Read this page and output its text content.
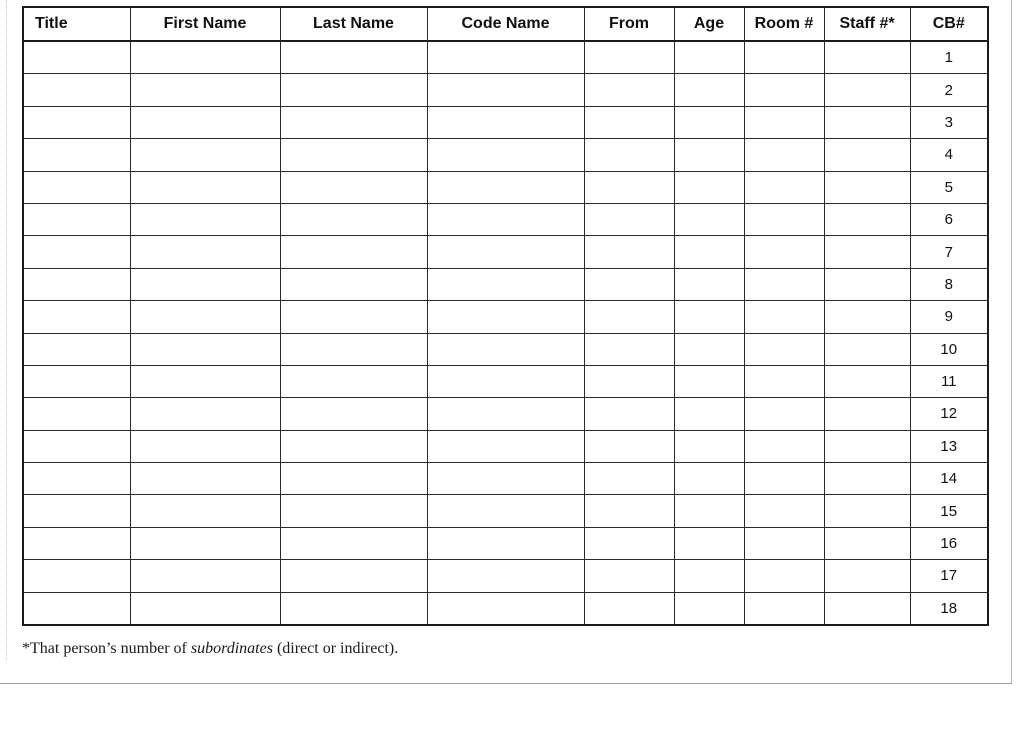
Title	First Name	Last Name	Code Name	From	Age	Room #	Staff #*	CB#
								1
								2
								3
								4
								5
								6
								7
								8
								9
								10
								11
								12
								13
								14
								15
								16
								17
								18
*That person’s number of subordinates (direct or indirect).
